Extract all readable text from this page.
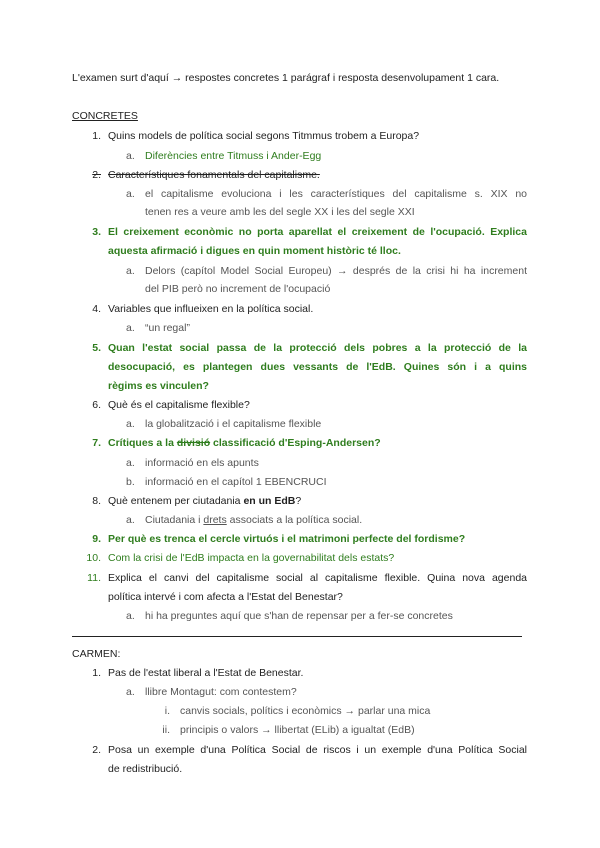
L'examen surt d'aquí → respostes concretes 1 parágraf i resposta desenvolupament 1 cara.
CONCRETES
1. Quins models de política social segons Titmmus trobem a Europa?
a. Diferències entre Titmuss i Ander-Egg
2. Característiques fonamentals del capitalisme.
a. el capitalisme evoluciona i les característiques del capitalisme s. XIX no
tenen res a veure amb les del segle XX i les del segle XXI
3. El creixement econòmic no porta aparellat el creixement de l'ocupació. Explica
aquesta afirmació i digues en quin moment històric té lloc.
a. Delors (capítol Model Social Europeu) → després de la crisi hi ha increment
del PIB però no increment de l'ocupació
4. Variables que influeixen en la política social.
a. “un regal”
5. Quan l'estat social passa de la protecció dels pobres a la protecció de la
desocupació, es plantegen dues vessants de l'EdB. Quines són i a quins
règims es vinculen?
6. Què és el capitalisme flexible?
a. la globalització i el capitalisme flexible
7. Crítiques a la divisió classificació d'Esping-Andersen?
a. informació en els apunts
b. informació en el capítol 1 EBENCRUCI
8. Què entenem per ciutadania en un EdB?
a. Ciutadania i drets associats a la política social.
9. Per què es trenca el cercle virtuós i el matrimoni perfecte del fordisme?
10. Com la crisi de l'EdB impacta en la governabilitat dels estats?
11. Explica el canvi del capitalisme social al capitalisme flexible. Quina nova agenda
política intervé i com afecta a l'Estat del Benestar?
a. hi ha preguntes aquí que s'han de repensar per a fer-se concretes
CARMEN:
1. Pas de l'estat liberal a l'Estat de Benestar.
a. llibre Montagut: com contestem?
i. canvis socials, polítics i econòmics → parlar una mica
ii. principis o valors → llibertat (ELib) a igualtat (EdB)
2. Posa un exemple d'una Política Social de riscos i un exemple d'una Política Social
de redistribució.
